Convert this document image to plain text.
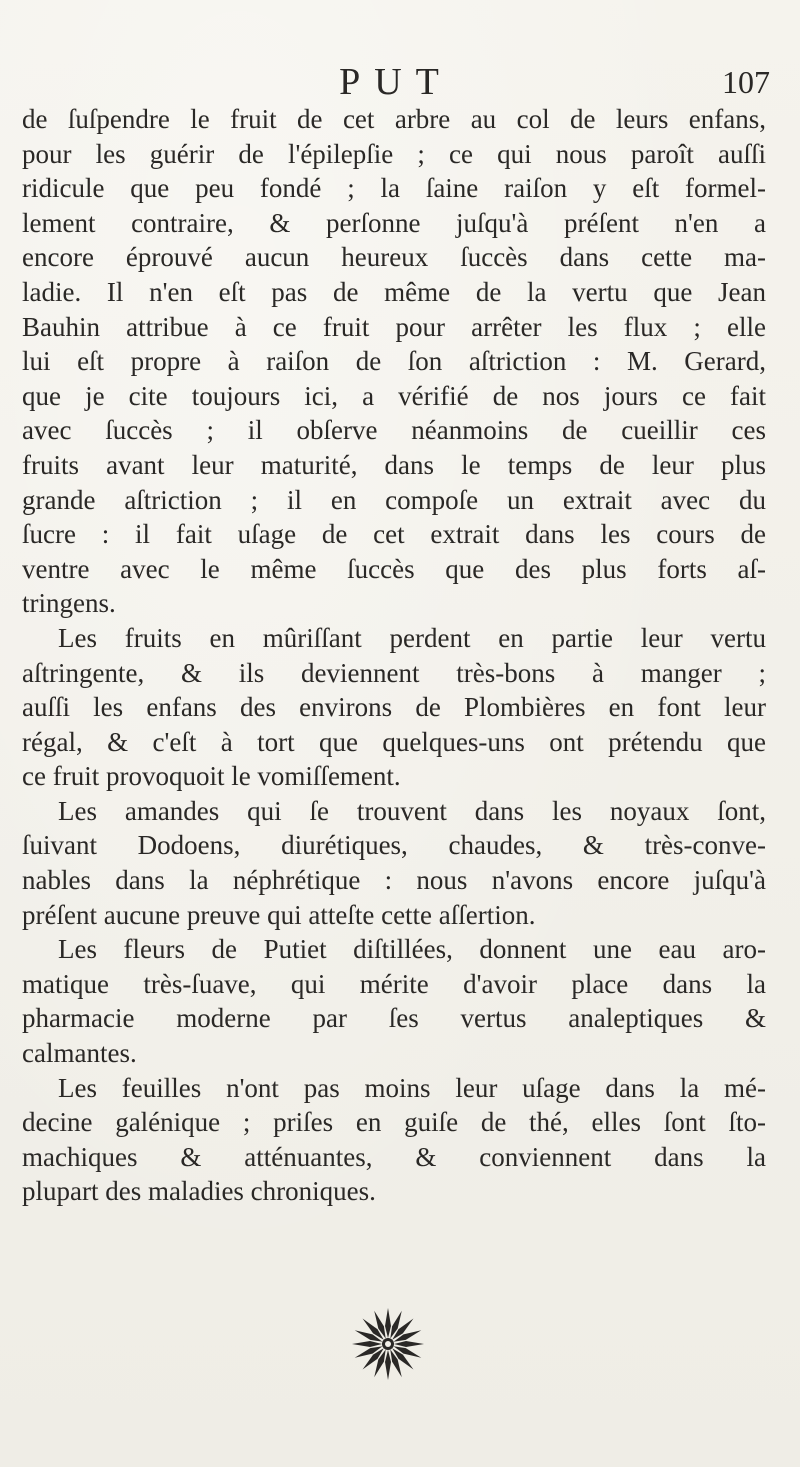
PUT	107
de ſuſpendre le fruit de cet arbre au col de leurs enfans,
pour les guérir de l'épilepſie ; ce qui nous paroît auſſi
ridicule que peu fondé ; la ſaine raiſon y eſt formel-
lement contraire, & perſonne juſqu'à préſent n'en a
encore éprouvé aucun heureux ſuccès dans cette ma-
ladie. Il n'en eſt pas de même de la vertu que Jean
Bauhin attribue à ce fruit pour arrêter les flux ; elle
lui eſt propre à raiſon de ſon aſtriction : M. Gerard,
que je cite toujours ici, a vérifié de nos jours ce fait
avec ſuccès ; il obſerve néanmoins de cueillir ces
fruits avant leur maturité, dans le temps de leur plus
grande aſtriction ; il en compoſe un extrait avec du
ſucre : il fait uſage de cet extrait dans les cours de
ventre avec le même ſuccès que des plus forts aſ-
tringens.
Les fruits en mûriſſant perdent en partie leur vertu
aſtringente, & ils deviennent très-bons à manger ;
auſſi les enfans des environs de Plombières en font leur
régal, & c'eſt à tort que quelques-uns ont prétendu que
ce fruit provoquoit le vomiſſement.
Les amandes qui ſe trouvent dans les noyaux ſont,
ſuivant Dodoens, diurétiques, chaudes, & très-conve-
nables dans la néphrétique : nous n'avons encore juſqu'à
préſent aucune preuve qui atteſte cette aſſertion.
Les fleurs de Putiet diſtillées, donnent une eau aro-
matique très-ſuave, qui mérite d'avoir place dans la
pharmacie moderne par ſes vertus analeptiques &
calmantes.
Les feuilles n'ont pas moins leur uſage dans la mé-
decine galénique ; priſes en guiſe de thé, elles ſont ſto-
machiques & atténuantes, & conviennent dans la
plupart des maladies chroniques.
